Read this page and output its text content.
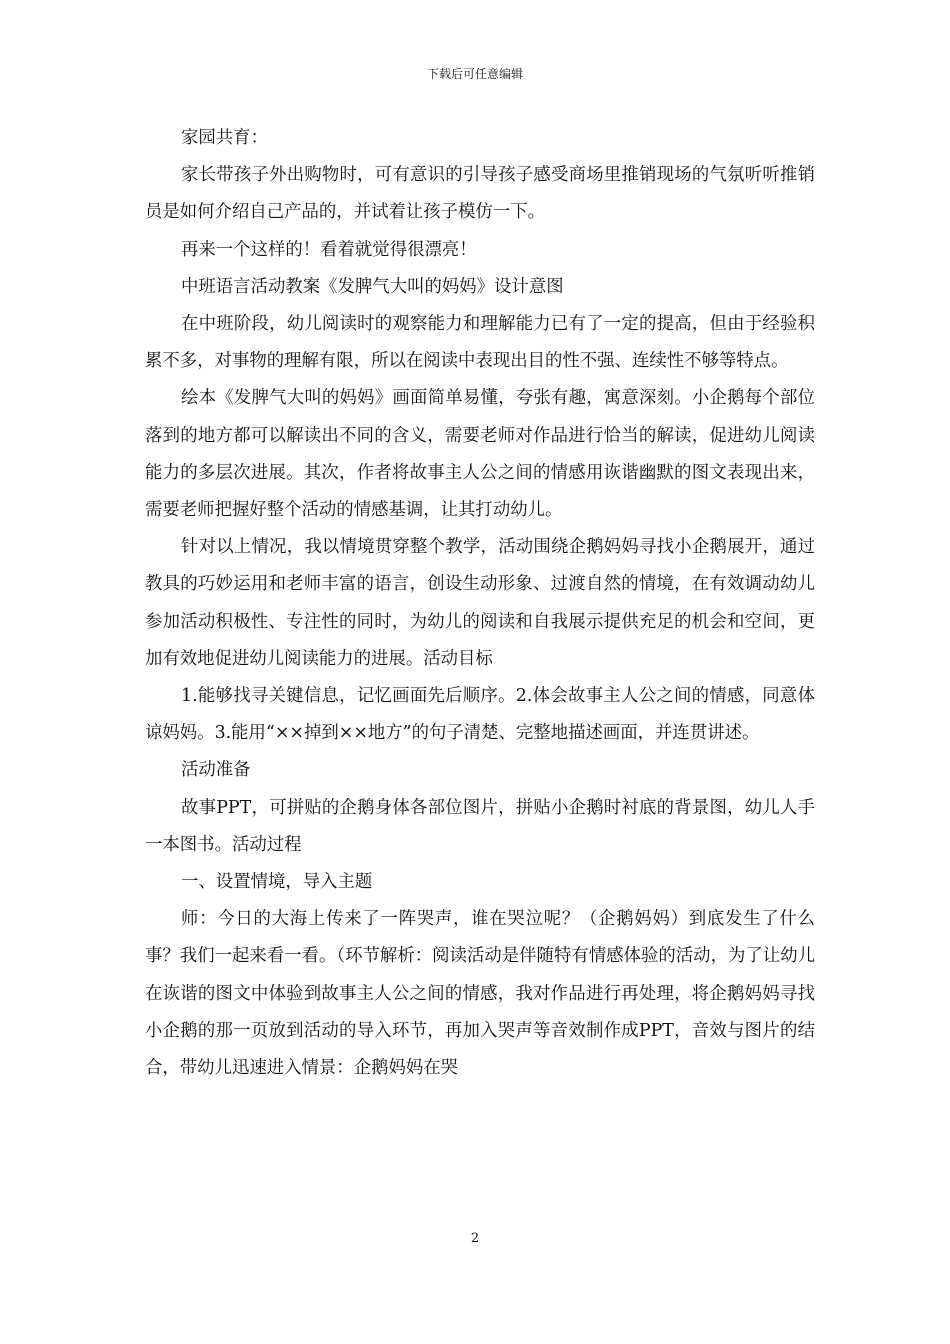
下载后可任意编辑

家园共育：

家长带孩子外出购物时，可有意识的引导孩子感受商场里推销现场的气氛听听推销员是如何介绍自己产品的，并试着让孩子模仿一下。

再来一个这样的！看着就觉得很漂亮！

中班语言活动教案《发脾气大叫的妈妈》设计意图

在中班阶段，幼儿阅读时的观察能力和理解能力已有了一定的提高，但由于经验积累不多，对事物的理解有限，所以在阅读中表现出目的性不强、连续性不够等特点。

绘本《发脾气大叫的妈妈》画面简单易懂，夸张有趣，寓意深刻。小企鹅每个部位落到的地方都可以解读出不同的含义，需要老师对作品进行恰当的解读，促进幼儿阅读能力的多层次进展。其次，作者将故事主人公之间的情感用诙谐幽默的图文表现出来，需要老师把握好整个活动的情感基调，让其打动幼儿。

针对以上情况，我以情境贯穿整个教学，活动围绕企鹅妈妈寻找小企鹅展开，通过教具的巧妙运用和老师丰富的语言，创设生动形象、过渡自然的情境，在有效调动幼儿参加活动积极性、专注性的同时，为幼儿的阅读和自我展示提供充足的机会和空间，更加有效地促进幼儿阅读能力的进展。活动目标

1.能够找寻关键信息，记忆画面先后顺序。2.体会故事主人公之间的情感，同意体谅妈妈。3.能用“××掉到××地方”的句子清楚、完整地描述画面，并连贯讲述。

活动准备

故事PPT，可拼贴的企鹅身体各部位图片，拼贴小企鹅时衬底的背景图，幼儿人手一本图书。活动过程

一、设置情境，导入主题

师：今日的大海上传来了一阵哭声，谁在哭泣呢？（企鹅妈妈）到底发生了什么事？我们一起来看一看。（环节解析：阅读活动是伴随特有情感体验的活动，为了让幼儿在诙谐的图文中体验到故事主人公之间的情感，我对作品进行再处理，将企鹅妈妈寻找小企鹅的那一页放到活动的导入环节，再加入哭声等音效制作成PPT，音效与图片的结合，带幼儿迅速进入情景：企鹅妈妈在哭

2
